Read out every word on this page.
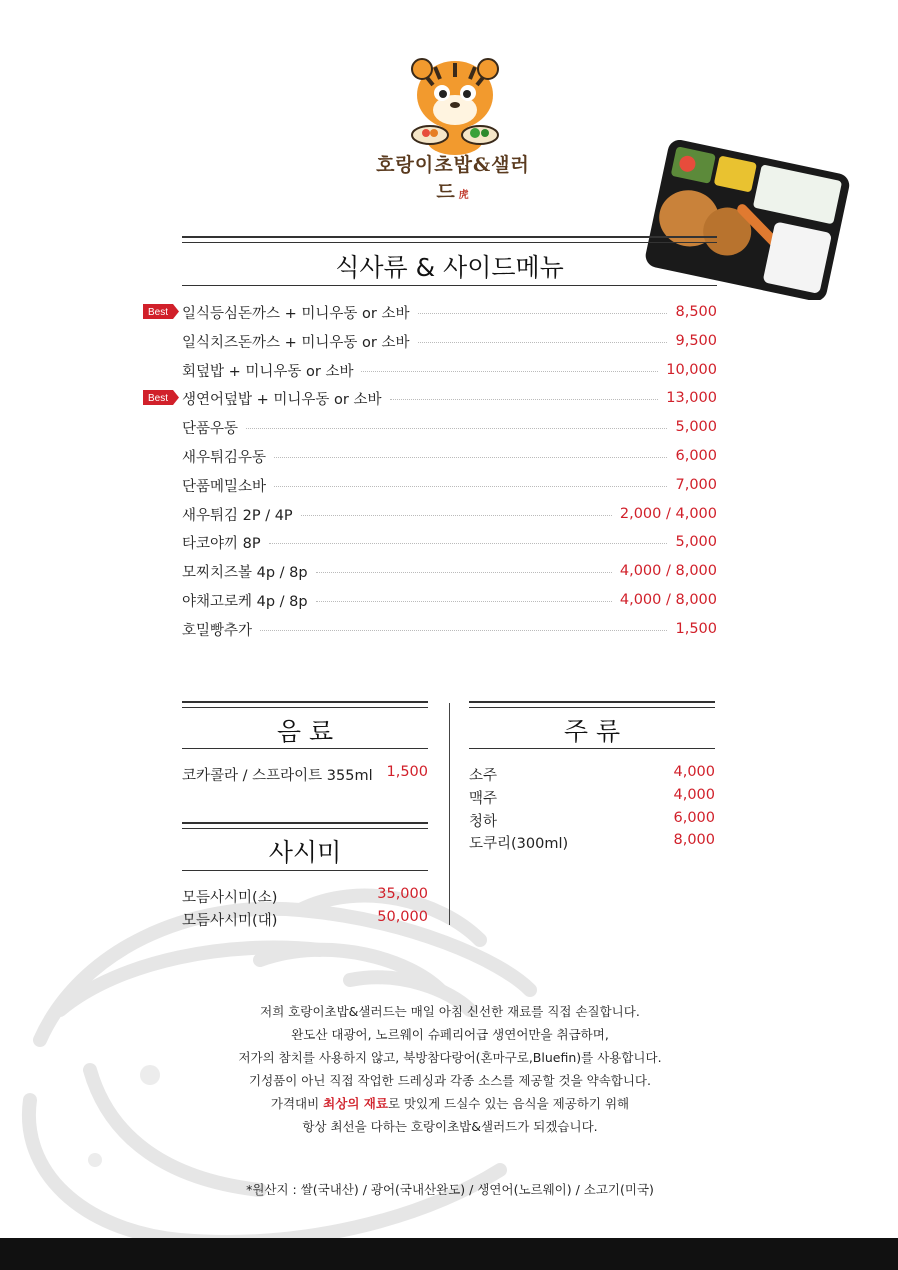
호랑이초밥&샐러드 虎
식사류 & 사이드메뉴
일식등심돈까스 + 미니우동 or 소바	8,500
일식치즈돈까스 + 미니우동 or 소바	9,500
회덮밥 + 미니우동 or 소바	10,000
생연어덮밥 + 미니우동 or 소바	13,000
단품우동	5,000
새우튀김우동	6,000
단품메밀소바	7,000
새우튀김 2P / 4P	2,000 / 4,000
타코야끼 8P	5,000
모찌치즈볼 4p / 8p	4,000 / 8,000
야채고로케 4p / 8p	4,000 / 8,000
호밀빵추가	1,500
음 료
코카콜라 / 스프라이트 355ml 1,500
사시미
모듬사시미(소)	35,000
모듬사시미(대)	50,000
주 류
소주	4,000
맥주	4,000
청하	6,000
도쿠리(300ml)	8,000
저희 호랑이초밥&샐러드는 매일 아침 신선한 재료를 직접 손질합니다.
완도산 대광어, 노르웨이 슈페리어급 생연어만을 취급하며,
저가의 참치를 사용하지 않고, 북방참다랑어(혼마구로,Bluefin)를 사용합니다.
기성품이 아닌 직접 작업한 드레싱과 각종 소스를 제공할 것을 약속합니다.
가격대비 최상의 재료로 맛있게 드실수 있는 음식을 제공하기 위해
항상 최선을 다하는 호랑이초밥&샐러드가 되겠습니다.
*원산지 : 쌀(국내산) / 광어(국내산완도) / 생연어(노르웨이) / 소고기(미국)
Best
Best
